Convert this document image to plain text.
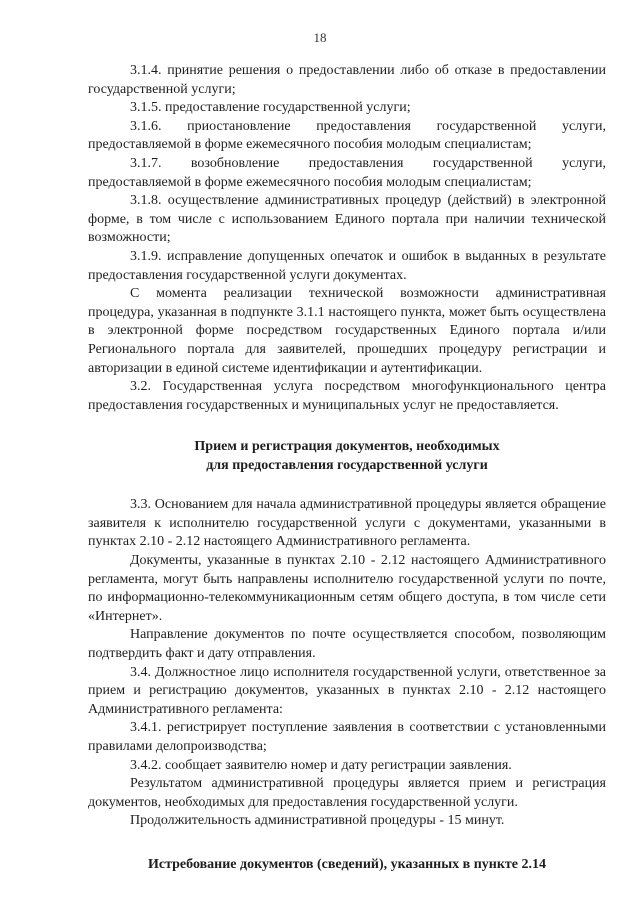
18

3.1.4. принятие решения о предоставлении либо об отказе в предоставлении государственной услуги;

3.1.5. предоставление государственной услуги;

3.1.6. приостановление предоставления государственной услуги, предоставляемой в форме ежемесячного пособия молодым специалистам;

3.1.7. возобновление предоставления государственной услуги, предоставляемой в форме ежемесячного пособия молодым специалистам;

3.1.8. осуществление административных процедур (действий) в электронной форме, в том числе с использованием Единого портала при наличии технической возможности;

3.1.9. исправление допущенных опечаток и ошибок в выданных в результате предоставления государственной услуги документах.

С момента реализации технической возможности административная процедура, указанная в подпункте 3.1.1 настоящего пункта, может быть осуществлена в электронной форме посредством государственных Единого портала и/или Регионального портала для заявителей, прошедших процедуру регистрации и авторизации в единой системе идентификации и аутентификации.

3.2. Государственная услуга посредством многофункционального центра предоставления государственных и муниципальных услуг не предоставляется.

Прием и регистрация документов, необходимых
для предоставления государственной услуги

3.3. Основанием для начала административной процедуры является обращение заявителя к исполнителю государственной услуги с документами, указанными в пунктах 2.10 - 2.12 настоящего Административного регламента.

Документы, указанные в пунктах 2.10 - 2.12 настоящего Административного регламента, могут быть направлены исполнителю государственной услуги по почте, по информационно-телекоммуникационным сетям общего доступа, в том числе сети «Интернет».

Направление документов по почте осуществляется способом, позволяющим подтвердить факт и дату отправления.

3.4. Должностное лицо исполнителя государственной услуги, ответственное за прием и регистрацию документов, указанных в пунктах 2.10 - 2.12 настоящего Административного регламента:

3.4.1. регистрирует поступление заявления в соответствии с установленными правилами делопроизводства;

3.4.2. сообщает заявителю номер и дату регистрации заявления.

Результатом административной процедуры является прием и регистрация документов, необходимых для предоставления государственной услуги.

Продолжительность административной процедуры - 15 минут.

Истребование документов (сведений), указанных в пункте 2.14
